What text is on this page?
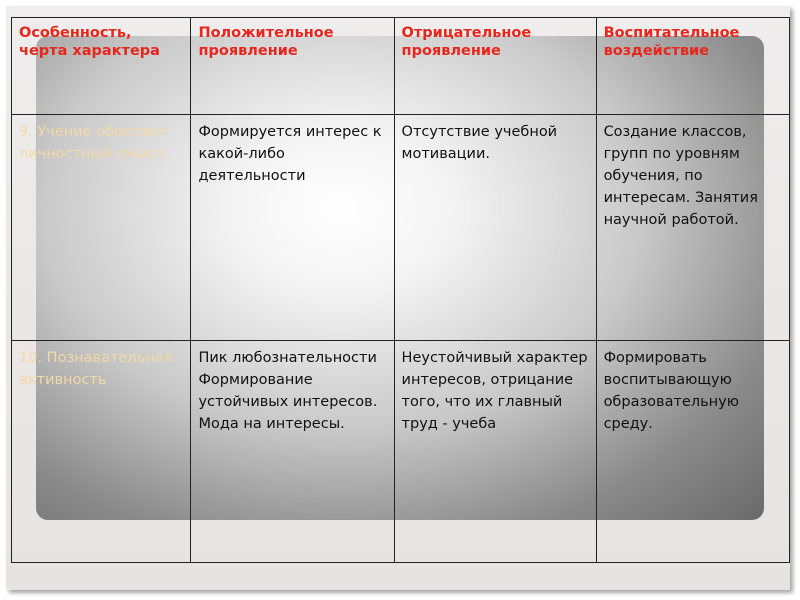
Особенность, черта характера	Положительное проявление	Отрицательное проявление	Воспитательное воздействие
9. Учение обретает личностный смысл.	Формируется интерес к какой-либо деятельности	Отсутствие учебной мотивации.	Создание классов, групп по уровням обучения, по интересам. Занятия научной работой.
10. Познавательная активность	Пик любознательности Формирование устойчивых интересов. Мода на интересы.	Неустойчивый характер интересов, отрицание того, что их главный труд - учеба	Формировать воспитывающую образовательную среду.
